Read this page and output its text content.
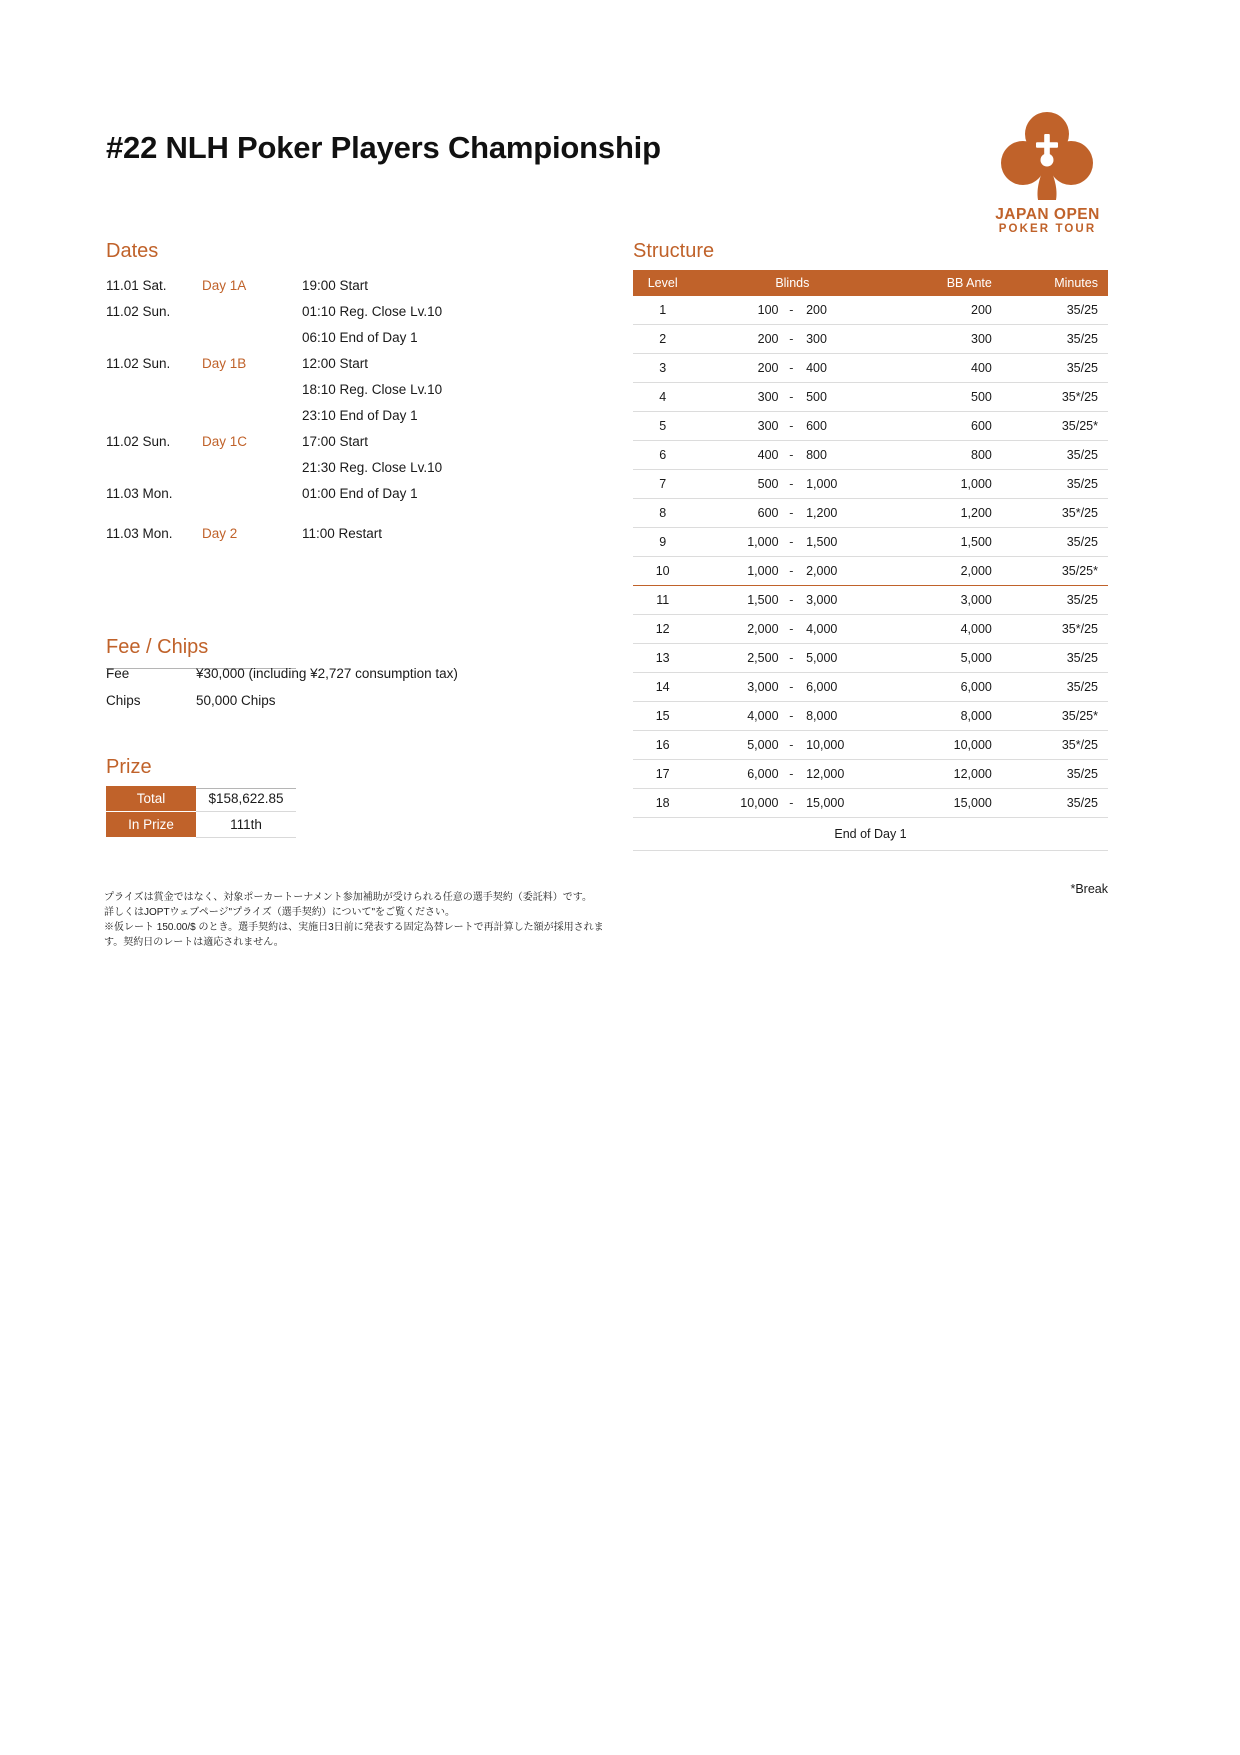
#22 NLH Poker Players Championship
JAPAN OPEN
POKER TOUR
Dates
11.01 Sat.	Day 1A	19:00 Start
11.02 Sun.		01:10 Reg. Close Lv.10
		06:10 End of Day 1
11.02 Sun.	Day 1B	12:00 Start
		18:10 Reg. Close Lv.10
		23:10 End of Day 1
11.02 Sun.	Day 1C	17:00 Start
		21:30 Reg. Close Lv.10
11.03 Mon.		01:00 End of Day 1

11.03 Mon.	Day 2	11:00 Restart
Fee / Chips
Fee	¥30,000 (including ¥2,727 consumption tax)
Chips	50,000 Chips
Prize
Total	$158,622.85
In Prize	111th
プライズは賞金ではなく、対象ポーカートーナメント参加補助が受けられる任意の選手契約（委託料）です。
詳しくはJOPTウェブページ"プライズ（選手契約）について"をご覧ください。
※仮レート 150.00/$ のとき。選手契約は、実施日3日前に発表する固定為替レートで再計算した額が採用されます。契約日のレートは適応されません。
Structure
Level	Blinds			BB Ante	Minutes
1	100	-	200	200	35/25
2	200	-	300	300	35/25
3	200	-	400	400	35/25
4	300	-	500	500	35*/25
5	300	-	600	600	35/25*
6	400	-	800	800	35/25
7	500	-	1,000	1,000	35/25
8	600	-	1,200	1,200	35*/25
9	1,000	-	1,500	1,500	35/25
10	1,000	-	2,000	2,000	35/25*
11	1,500	-	3,000	3,000	35/25
12	2,000	-	4,000	4,000	35*/25
13	2,500	-	5,000	5,000	35/25
14	3,000	-	6,000	6,000	35/25
15	4,000	-	8,000	8,000	35/25*
16	5,000	-	10,000	10,000	35*/25
17	6,000	-	12,000	12,000	35/25
18	10,000	-	15,000	15,000	35/25
End of Day 1					
*Break
